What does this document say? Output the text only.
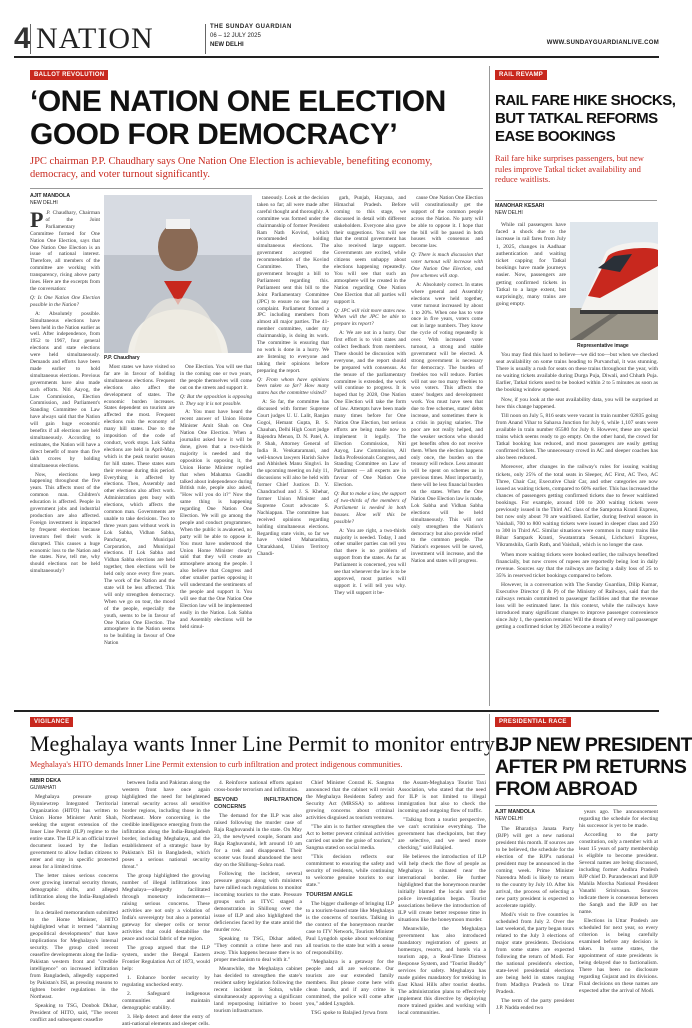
4 NATION	THE SUNDAY GUARDIAN
06 – 12 JULY 2025
NEW DELHI	WWW.SUNDAYGUARDIANLIVE.COM
BALLOT REVOLUTION
‘ONE NATION ONE ELECTION
GOOD FOR DEMOCRACY’
JPC chairman P.P. Chaudhary says One Nation One Election is achievable, benefiting economy, democracy, and voter turnout significantly.
AJIT MANDOLA
NEW DELHI
P .P. Chaudhary, Chairman of the Joint Parliamentary Committee formed for One Nation One Election, says that One Nation One Election is an issue of national interest. Therefore, all members of the committee are working with transparency, rising above party lines. Here are the excerpts from the conversation:

Q: Is One Nation One Election possible in the Nation?

A: Absolutely possible. Simultaneous elections have been held in the Nation earlier as well. After independence, from 1952 to 1967, four general elections and state elections were held simultaneously. Demands and efforts have been made earlier to hold simultaneous elections. Previous governments have also made such efforts. Niti Aayog, the Law Commission, Election Commission, and Parliament's Standing Committee on Law have always said that the Nation will gain huge economic benefits if all elections are held simultaneously. According to estimates, the Nation will have a direct benefit of more than five lakh crores by holding simultaneous elections.

Now, elections keep happening throughout the five years. This affects most of the common man. Children's education is affected. People in government jobs and industrial production are also affected. Foreign investment is impacted by frequent elections because investors feel their work is disrupted. This causes a huge economic loss to the Nation and the states. Now, tell me, why should elections not be held simultaneously?

P.P. Chaudhary

Most states we have visited so far are in favour of holding simultaneous elections. Frequent elections also affect the development of states. The economic burden increases. States dependent on tourism are affected the most. Frequent elections ruin the economy of many hill states. Due to the imposition of the code of conduct, work stops. Lok Sabha elections are held in April-May, which is the peak tourist season for hill states. These states earn their revenue during this period. Everything is affected by elections. Then, Assembly and other elections also affect work. Administration gets busy with elections, which affects the common man. Governments are unable to take decisions. Two to three years pass without work in Lok Sabha, Vidhan Sabha, Panchayat, Municipal Corporation, and Municipal elections. If Lok Sabha and Vidhan Sabha elections are held together, then elections will be held only once every five years. The work of the Nation and the state will be less affected. This will only strengthen democracy. When we go on tour, the mood of the people, especially the youth, seems to be in favour of One Nation One Election. The atmosphere in the Nation seems to be building in favour of One Nation

One Election. You will see that in the coming one or two years, the people themselves will come out on the streets and support it.

Q: But the opposition is opposing it. They say it is not possible.

A: You must have heard the recent answer of Union Home Minister Amit Shah on One Nation One Election. When a journalist asked how it will be done, given that a two-thirds majority is needed and the opposition is opposing it, the Union Home Minister replied that when Mahatma Gandhi talked about independence during British rule, people also asked, "How will you do it?" Now the same thing is happening regarding One Nation One Election. We will go among the people and conduct programmes. When the public is awakened, no party will be able to oppose it. You must have understood the Union Home Minister clearly said that they will create an atmosphere among the people. I also believe that Congress and other smaller parties opposing it will understand the sentiments of the people and support it. You will see that the One Nation One Election law will be implemented easily in the Nation. Lok Sabha and Assembly elections will be held simul-

taneously. Look at the decision taken so far; all were made after careful thought and thoroughly. A committee was formed under the chairmanship of former President Ram Nath Kovind, which recommended holding simultaneous elections. The government accepted the recommendation of the Kovind Committee. Then, the government brought a bill to Parliament regarding this. Parliament sent this bill to the Joint Parliamentary Committee (JPC) to ensure no one has any complaint. Parliament formed a JPC including members from almost all major parties. The 41-member committee, under my chairmanship, is doing its work. The committee is ensuring that no work is done in a hurry. We are listening to everyone and taking their opinions before preparing the report.

Q: From whom have opinions been taken so far? How many states has the committee visited?

A: So far, the committee has discussed with former Supreme Court judges U. U. Lalit, Ranjan Gogoi, Hemant Gupta, B. S. Chauhan, Delhi High Court judge Rajendra Menon, D. N. Patel, A. P. Shah, Attorney General of India R. Venkataramani, and well-known lawyers Harish Salve and Abhishek Manu Singhvi. In the upcoming meeting on July 11, discussions will also be held with former Chief Justices D. Y. Chandrachud and J. S. Khehar, former Union Minister and Supreme Court advocate S. Nachiappan. The committee has received opinions regarding holding simultaneous elections. Regarding state visits, so far we have visited Maharashtra, Uttarakhand, Union Territory Chandi-

garh, Punjab, Haryana, and Himachal Pradesh. Before coming to this stage, we discussed in detail with different stakeholders. Everyone also gave their suggestions. You will see that the central government has also received large support. Governments are excited, while citizens seem unhappy about elections happening repeatedly. You will see that such an atmosphere will be created in the Nation regarding One Nation One Election that all parties will support it.

Q: JPC will visit more states now. When will the JPC be able to prepare its report?

A: We are not in a hurry. Our first effort is to visit states and collect feedback from members. There should be discussion with everyone, and the report should be prepared with consensus. As the tenure of the parliamentary committee is extended, the work will continue to progress. It is hoped that by 2028, One Nation One Election will take the form of law. Attempts have been made many times before for One Nation One Election, but serious efforts are being made now to implement it legally. The Election Commission, Niti Aayog, Law Commission, All India Professionals Congress, and Standing Committee on Law of Parliament — all experts are in favour of One Nation One Election.

Q: But to make a law, the support of two-thirds of the members of Parliament is needed in both houses. How will this be possible?

A: You are right, a two-thirds majority is needed. Today, I and other smaller parties can tell you that there is no problem of support from the states. As far as Parliament is concerned, you will see that whenever the law is to be approved, most parties will support it. I will tell you why. They will support it be-

cause One Nation One Election will constitutionally get the support of the common people across the Nation. No party will be able to oppose it. I hope that the bill will be passed in both houses with consensus and become law.

Q: There is much discussion that voter turnout will increase with One Nation One Election, and free schemes will stop.

A: Absolutely correct. In states where general and Assembly elections were held together, voter turnout increased by about 1 to 20%. When one has to vote once in five years, voters come out in large numbers. They know the cycle of voting repeatedly is over. With increased voter turnout, a strong and stable government will be elected. A strong government is necessary for democracy. The burden of freebies too will reduce. Parties will not use too many freebies to woo voters. This affects the states' budgets and development work. You must have seen that due to free schemes, states' debts increase, and sometimes there is a crisis in paying salaries. The poor are not really helped, and the weaker sections who should get benefits often do not receive them. When the election happens only once, the burden on the treasury will reduce. Less amount will be spent on schemes as in previous times. Most importantly, there will be less financial burden on the states. When the One Nation One Election law is made, Lok Sabha and Vidhan Sabha elections will be held simultaneously. This will not only strengthen the Nation's democracy but also provide relief to the common people. The Nation's expenses will be saved, investment will increase, and the Nation and states will progress.

RAIL REVAMP
RAIL FARE HIKE SHOCKS,
BUT TATKAL REFORMS
EASE BOOKINGS
Rail fare hike surprises passengers, but new rules improve Tatkal ticket availability and reduce waitlists.
MANOHAR KESARI
NEW DELHI

While rail passengers have faced a shock due to the increase in rail fares from July 1, 2025, changes in Aadhaar authentication and waiting ticket capping for Tatkal bookings have made journeys easier. Now, passengers are getting confirmed tickets in Tatkal to a large extent, but surprisingly, many trains are going empty.

Representative image

You may find this hard to believe—we did too—but when we checked seat availability on some trains heading to Purvanchal, it was stunning. There is usually a rush for seats on these trains throughout the year, with no waiting tickets available during Durga Puja, Diwali, and Chhath Puja. Earlier, Tatkal tickets used to be booked within 2 to 5 minutes as soon as the booking window opened.

Now, if you look at the seat availability data, you will be surprised at how this change happened.

Till noon on July 5, 816 seats were vacant in train number 02835 going from Anand Vihar to Saharsa Junction for July 6, while 1,107 seats were available in train number 05580 for July 8. However, these are special trains which seems ready to go empty. On the other hand, the crowd for Tatkal booking has reduced, and most passengers are easily getting confirmed tickets. The unnecessary crowd in AC and sleeper coaches has also been reduced.

Moreover, after changes in the railway's rules for issuing waiting tickets, only 25% of the total seats in Sleeper, AC First, AC Two, AC Three, Chair Car, Executive Chair Car, and other categories are now issued as waiting tickets, compared to 60% earlier. This has increased the chances of passengers getting confirmed tickets due to fewer waitlisted bookings. For example, around 100 to 200 waiting tickets were previously issued in the Third AC class of the Samporna Kranti Express, but now only about 70 are waitlisted. Earlier, during festival season in Vaishali, 700 to 800 waiting tickets were issued in sleeper class and 250 to 300 in Third AC. Similar situations were common in many trains like Bihar Sampark Kranti, Swatantrata Senani, Lichchavi Express, Vikramshila, Garib Rath, and Vaishali, which is no longer the case.

When more waiting tickets were booked earlier, the railways benefited financially, but now crores of rupees are reportedly being lost in daily revenue. Sources say that the railways are facing a daily loss of 25 to 35% in reserved ticket bookings compared to before.

However, in a conversation with The Sunday Guardian, Dilip Kumar, Executive Director (I & P) of the Ministry of Railways, said that the railways remain committed to passenger facilities and that the revenue loss will be estimated later. In this context, while the railways have introduced many significant changes to improve passenger convenience since July 1, the question remains: Will the dream of every rail passenger getting a confirmed ticket by 2026 become a reality?

VIGILANCE
Meghalaya wants Inner Line Permit to monitor entry
Meghalaya's HITO demands Inner Line Permit extension to curb infiltration and protect indigenous communities.
NIBIR DEKA
GUWAHATI

Meghalaya pressure group Hynniewtrep Integrated Territorial Organization (HITO) has written to Union Home Minister Amit Shah, seeking the urgent extension of the Inner Line Permit (ILP) regime to the entire state. The ILP is an official travel document issued by the Indian government to allow Indian citizens to enter and stay in specific protected areas for a limited time.

The letter raises serious concerns over growing internal security threats, demographic shifts, and alleged infiltration along the India-Bangladesh border.

In a detailed memorandum submitted to the Home Minister, HITO highlighted what it termed "alarming geopolitical developments" that have implications for Meghalaya's internal security. The group cited recent ceasefire developments along the India-Pakistan western front and "credible intelligence" on increased infiltration from Bangladesh, allegedly supported by Pakistan's ISI, as pressing reasons to tighten border regulations in the Northeast.

Speaking to TSG, Donbok Dkhar, President of HITO, said, "The recent conflict and subsequent ceasefire

between India and Pakistan along the western front have once again highlighted the need for heightened internal security across all sensitive border regions, including those in the Northeast. More concerning is the credible intelligence emerging from the infiltration along the India-Bangladesh border, including Meghalaya, and the establishment of a strategic base by Pakistan's ISI in Bangladesh, which poses a serious national security threat."

The group highlighted the growing number of illegal infiltrations into Meghalaya—allegedly facilitated through monetary inducements—raising serious concerns. These activities are not only a violation of India's sovereignty but also a potential gateway for sleeper cells or terror activities that could destabilise the peace and social fabric of the region.

The group argued that the ILP system, under the Bengal Eastern Frontier Regulation Act of 1873, would help:

1. Enhance border security by regulating unchecked entry.

2. Safeguard indigenous communities and maintain demographic stability.

3. Help detect and deter the entry of anti-national elements and sleeper cells.

4. Reinforce national efforts against cross-border terrorism and infiltration.

BEYOND INFILTRATION CONCERNS

The demand for the ILP was also raised following the murder case of Raja Raghuvanshi in the state. On May 23, the newlywed couple, Sonam and Raja Raghuvanshi, left around 10 am for a trek and disappeared. Their scooter was found abandoned the next day on the Shillong–Sohra road.

Following the incident, several pressure groups along with ministers have rallied such regulations to monitor incoming tourists to the state. Pressure groups such as ITYC staged a demonstration in Shillong over the issue of ILP and also highlighted the deficiencies faced by the state amid the murder row.

Speaking to TSG, Dkhar added, "They commit a crime here and run away. This happens because there is no proper mechanism to deal with it."

Meanwhile, the Meghalaya cabinet has decided to strengthen the state's resident safety legislation following the recent incident in Sohra, while simultaneously approving a significant land repurposing initiative to boost tourism infrastructure.

Chief Minister Conrad K. Sangma announced that the cabinet will revisit the Meghalaya Residents Safety and Security Act (MRSSA) to address growing concerns about criminal activities disguised as tourism ventures.

"The aim is to further strengthen the Act to better prevent criminal activities carried out under the guise of tourism," Sangma stated on social media.

"This decision reflects our commitment to ensuring the safety and security of residents, while continuing to welcome genuine tourists to our state."

TOURISM ANGLE

The bigger challenge of bringing ILP to a tourism-based state like Meghalaya is the concerns of tourists. Talking in the context of the honeymoon murder case to ITV Network, Tourism Minister Paul Lyngdoh spoke about welcoming all tourists to the state but with a sense of responsibility.

"Meghalaya is a getaway for the people and all are welcome. Our tourists are our extended family members. But please come here with clean hands, and if any crime is committed, the police will come after you," added Lyngdoh.

TSG spoke to Balajied Jyrwa from

the Assam-Meghalaya Tourist Taxi Association, who stated that the need for ILP is not limited to illegal immigration but also to check the incoming and outgoing flow of traffic.

"Talking from a tourist perspective, we can't scrutinise everything. The government has checkpoints, but they are selective, and we need more checking," said Balajied.

He believes the introduction of ILP will help check the flow of people as Meghalaya is situated near the international border. He further highlighted that the honeymoon murder initially blamed the locals until the police investigation began. Tourist associations believe the introduction of ILP will create better response time in situations like the honeymoon murder.

Meanwhile, the Meghalaya government has also introduced mandatory registration of guests at homestays, resorts, and hotels via a tourism app, a Real-Time Distress Response System, and "Tourist Buddy" services for safety. Meghalaya has made guides mandatory for trekking in East Khasi Hills after tourist deaths. The administration plans to effectively implement this directive by deploying more trained guides and working with local communities.

PRESIDENTIAL RACE
BJP NEW PRESIDENT
AFTER PM RETURNS
FROM ABROAD
AJIT MANDOLA
NEW DELHI

The Bharatiya Janata Party (BJP) will get a new national president this month. If sources are to be believed, the schedule for the election of the BJP's national president may be announced in the coming week. Prime Minister Narendra Modi is likely to return to the country by July 10. After his arrival, the process of selecting a new party president is expected to accelerate rapidly.

Modi's visit to five countries is scheduled from July 2. Over the last weekend, the party began tours related to the July 3 elections of major state presidents. Decisions from some states are expected following the return of Modi. For the national president's election, state-level presidential elections are being held in states ranging from Madhya Pradesh to Uttar Pradesh.

The term of the party president J.P. Nadda ended two

years ago. The announcement regarding the schedule for electing his successor is yet to be made.

According to the party constitution, only a member with at least 15 years of party membership is eligible to become president. Several names are being discussed, including former Andhra Pradesh BJP chief D. Purandeswari and BJP Mahila Morcha National President Vanathi Srinivasan. Sources indicate there is consensus between the Sangh and the BJP on her name.

Elections in Uttar Pradesh are scheduled for next year, so every criterion is being carefully examined before any decision is taken. In some states, the appointment of state presidents is being delayed due to factionalism. There has been no disclosure regarding Gujarat and its divisions. Final decisions on these names are expected after the arrival of Modi.
